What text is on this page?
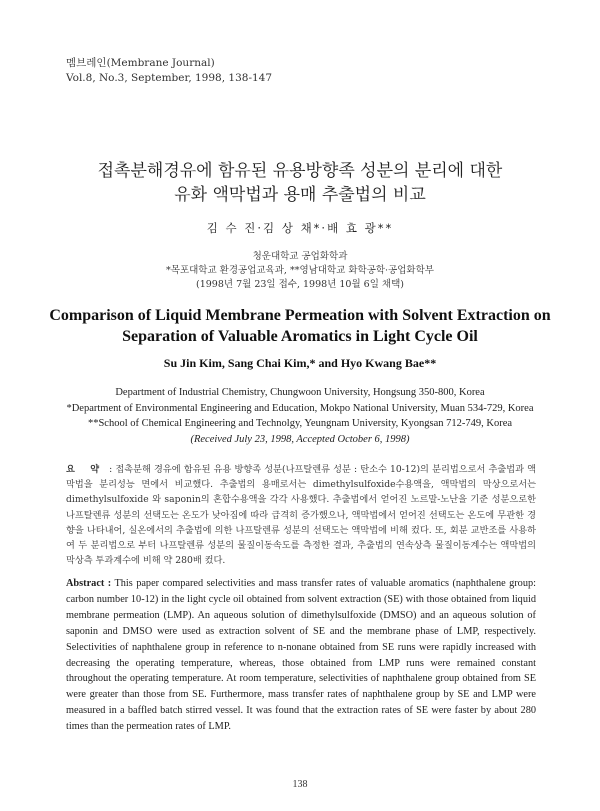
멤브레인(Membrane Journal)
Vol.8, No.3, September, 1998, 138-147
접촉분해경유에 함유된 유용방향족 성분의 분리에 대한
유화 액막법과 용매 추출법의 비교
김 수 진·김 상 채*·배 효 광**
청운대학교 공업화학과
*목포대학교 환경공업교육과, **영남대학교 화학공학·공업화학부
(1998년 7월 23일 접수, 1998년 10월 6일 채택)
Comparison of Liquid Membrane Permeation with Solvent Extraction on
Separation of Valuable Aromatics in Light Cycle Oil
Su Jin Kim, Sang Chai Kim,* and Hyo Kwang Bae**
Department of Industrial Chemistry, Chungwoon University, Hongsung 350-800, Korea
*Department of Environmental Engineering and Education, Mokpo National University, Muan 534-729, Korea
**School of Chemical Engineering and Technolgy, Yeungnam University, Kyongsan 712-749, Korea
(Received July 23, 1998, Accepted October 6, 1998)
요 약 : 접촉분해 경유에 함유된 유용 방향족 성분(나프탈렌류 성분 : 탄소수 10-12)의 분리법으로서 추출법과 액막법을 분리성능 면에서 비교했다. 추출법의 용매로서는 dimethylsulfoxide수용액을, 액막법의 막상으로서는 dimethylsulfoxide 와 saponin의 혼합수용액을 각각 사용했다. 추출법에서 얻어진 노르말-노난을 기준 성분으로한 나프탈렌류 성분의 선택도는 온도가 낮아짐에 따라 급격히 증가했으나, 액막법에서 얻어진 선택도는 온도에 무관한 경향을 나타내어, 실온에서의 추출법에 의한 나프탈렌류 성분의 선택도는 액막법에 비해 컸다. 또, 회분 교반조를 사용하여 두 분리법으로 부터 나프탈렌류 성분의 물질이동속도를 측정한 결과, 추출법의 연속상측 물질이동계수는 액막법의 막상측 투과계수에 비해 약 280배 컸다.
Abstract : This paper compared selectivities and mass transfer rates of valuable aromatics (naphthalene group: carbon number 10-12) in the light cycle oil obtained from solvent extraction (SE) with those obtained from liquid membrane permeation (LMP). An aqueous solution of dimethylsulfoxide (DMSO) and an aqueous solution of saponin and DMSO were used as extraction solvent of SE and the membrane phase of LMP, respectively. Selectivities of naphthalene group in reference to n-nonane obtained from SE runs were rapidly increased with decreasing the operating temperature, whereas, those obtained from LMP runs were remained constant throughout the operating temperature. At room temperature, selectivities of naphthalene group obtained from SE were greater than those from SE. Furthermore, mass transfer rates of naphthalene group by SE and LMP were measured in a baffled batch stirred vessel. It was found that the extraction rates of SE were faster by about 280 times than the permeation rates of LMP.
138
